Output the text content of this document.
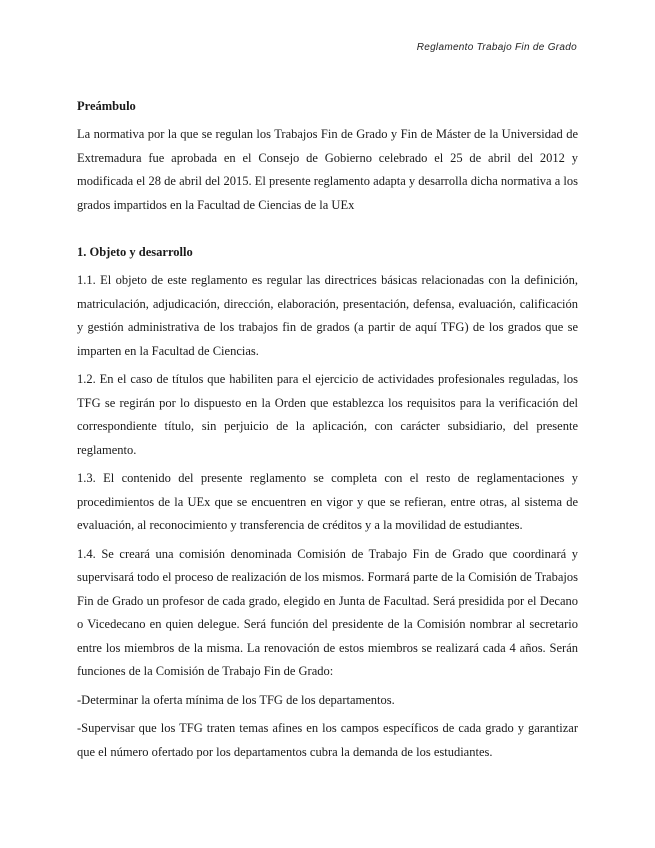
Reglamento Trabajo Fin de Grado
Preámbulo

La normativa por la que se regulan los Trabajos Fin de Grado y Fin de Máster de la Universidad de Extremadura fue aprobada en el Consejo de Gobierno celebrado el 25 de abril del 2012 y modificada el 28 de abril del 2015. El presente reglamento adapta y desarrolla dicha normativa a los grados impartidos en la Facultad de Ciencias de la UEx

1. Objeto y desarrollo

1.1. El objeto de este reglamento es regular las directrices básicas relacionadas con la definición, matriculación, adjudicación, dirección, elaboración, presentación, defensa, evaluación, calificación y gestión administrativa de los trabajos fin de grados (a partir de aquí TFG) de los grados que se imparten en la Facultad de Ciencias.

1.2. En el caso de títulos que habiliten para el ejercicio de actividades profesionales reguladas, los TFG se regirán por lo dispuesto en la Orden que establezca los requisitos para la verificación del correspondiente título, sin perjuicio de la aplicación, con carácter subsidiario, del presente reglamento.

1.3. El contenido del presente reglamento se completa con el resto de reglamentaciones y procedimientos de la UEx que se encuentren en vigor y que se refieran, entre otras, al sistema de evaluación, al reconocimiento y transferencia de créditos y a la movilidad de estudiantes.

1.4. Se creará una comisión denominada Comisión de Trabajo Fin de Grado que coordinará y supervisará todo el proceso de realización de los mismos. Formará parte de la Comisión de Trabajos Fin de Grado un profesor de cada grado, elegido en Junta de Facultad. Será presidida por el Decano o Vicedecano en quien delegue. Será función del presidente de la Comisión nombrar al secretario entre los miembros de la misma. La renovación de estos miembros se realizará cada 4 años. Serán funciones de la Comisión de Trabajo Fin de Grado:

-Determinar la oferta mínima de los TFG de los departamentos.

-Supervisar que los TFG traten temas afines en los campos específicos de cada grado y garantizar que el número ofertado por los departamentos cubra la demanda de los estudiantes.
